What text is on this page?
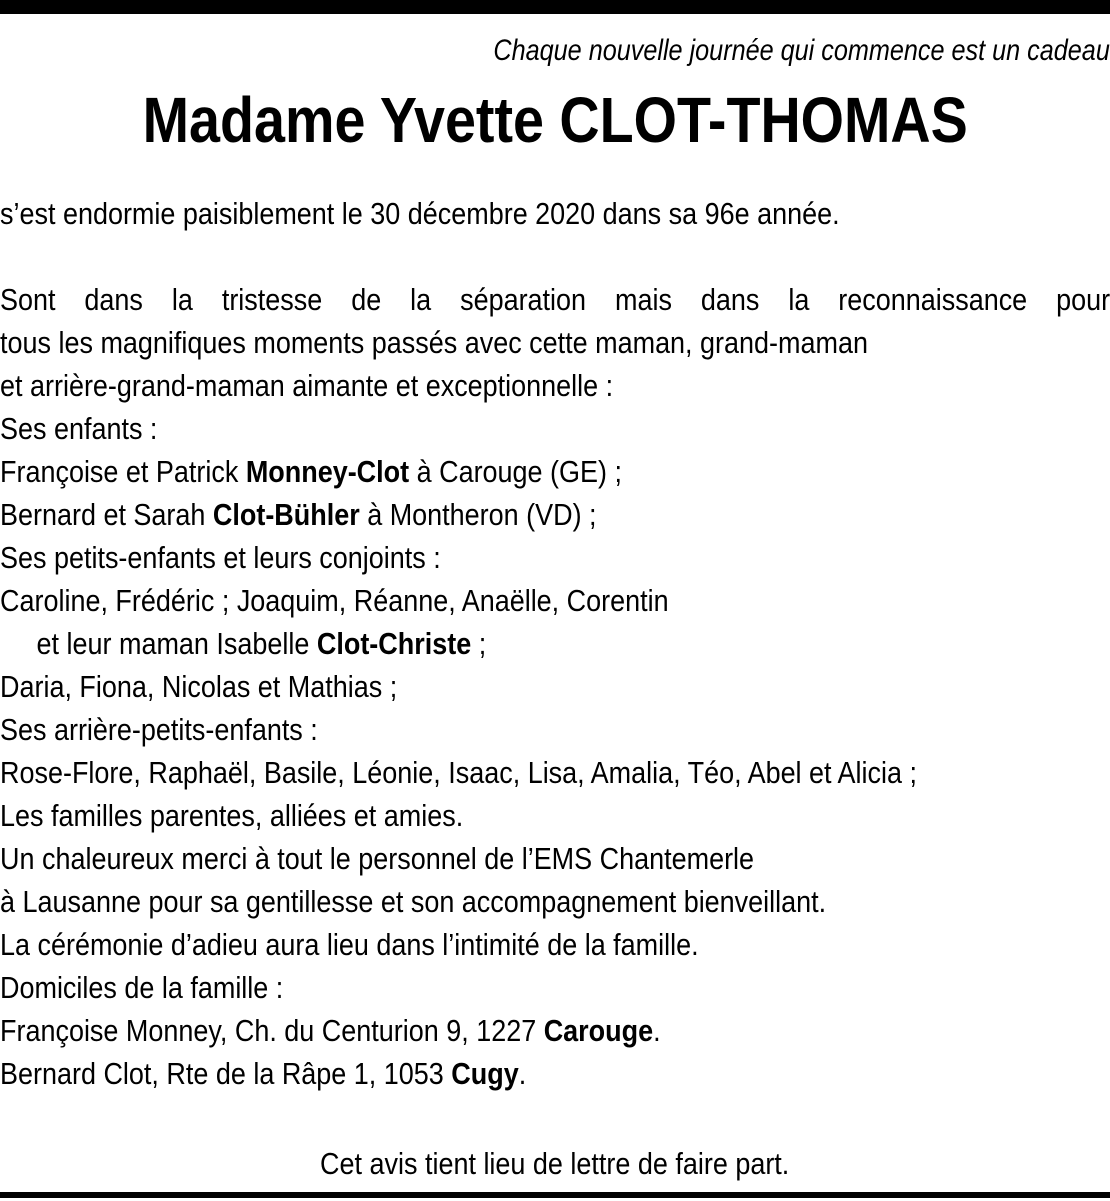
Chaque nouvelle journée qui commence est un cadeau
Madame Yvette CLOT-THOMAS
s’est endormie paisiblement le 30 décembre 2020 dans sa 96e année.
Sont dans la tristesse de la séparation mais dans la reconnaissance pour
tous les magnifiques moments passés avec cette maman, grand-maman
et arrière-grand-maman aimante et exceptionnelle :
Ses enfants :
Françoise et Patrick Monney-Clot à Carouge (GE) ;
Bernard et Sarah Clot-Bühler à Montheron (VD) ;
Ses petits-enfants et leurs conjoints :
Caroline, Frédéric ; Joaquim, Réanne, Anaëlle, Corentin
et leur maman Isabelle Clot-Christe ;
Daria, Fiona, Nicolas et Mathias ;
Ses arrière-petits-enfants :
Rose-Flore, Raphaël, Basile, Léonie, Isaac, Lisa, Amalia, Téo, Abel et Alicia ;
Les familles parentes, alliées et amies.
Un chaleureux merci à tout le personnel de l’EMS Chantemerle
à Lausanne pour sa gentillesse et son accompagnement bienveillant.
La cérémonie d’adieu aura lieu dans l’intimité de la famille.
Domiciles de la famille :
Françoise Monney, Ch. du Centurion 9, 1227 Carouge.
Bernard Clot, Rte de la Râpe 1, 1053 Cugy.
Cet avis tient lieu de lettre de faire part.
